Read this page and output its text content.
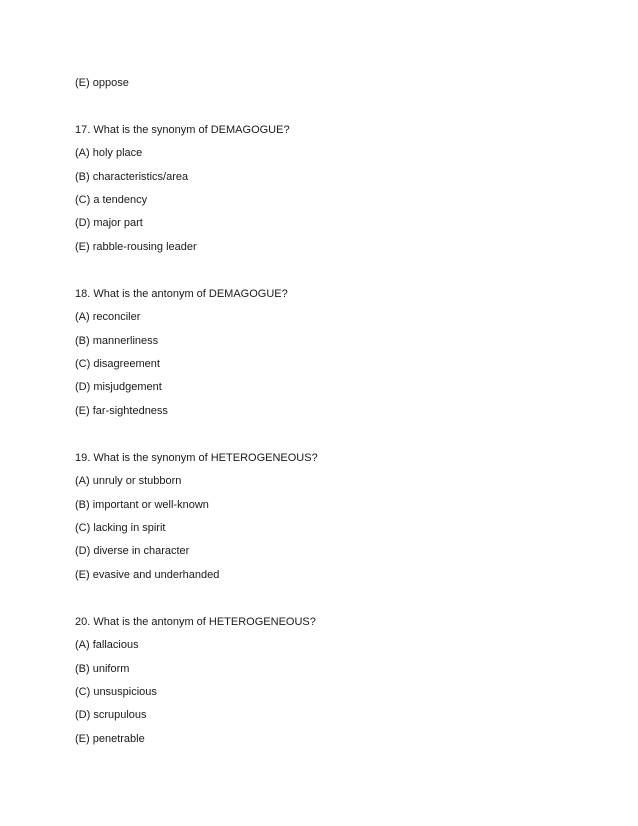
(E) oppose
17. What is the synonym of DEMAGOGUE?
(A) holy place
(B) characteristics/area
(C) a tendency
(D) major part
(E) rabble-rousing leader
18. What is the antonym of DEMAGOGUE?
(A) reconciler
(B) mannerliness
(C) disagreement
(D) misjudgement
(E) far-sightedness
19. What is the synonym of HETEROGENEOUS?
(A) unruly or stubborn
(B) important or well-known
(C) lacking in spirit
(D) diverse in character
(E) evasive and underhanded
20. What is the antonym of HETEROGENEOUS?
(A) fallacious
(B) uniform
(C) unsuspicious
(D) scrupulous
(E) penetrable
